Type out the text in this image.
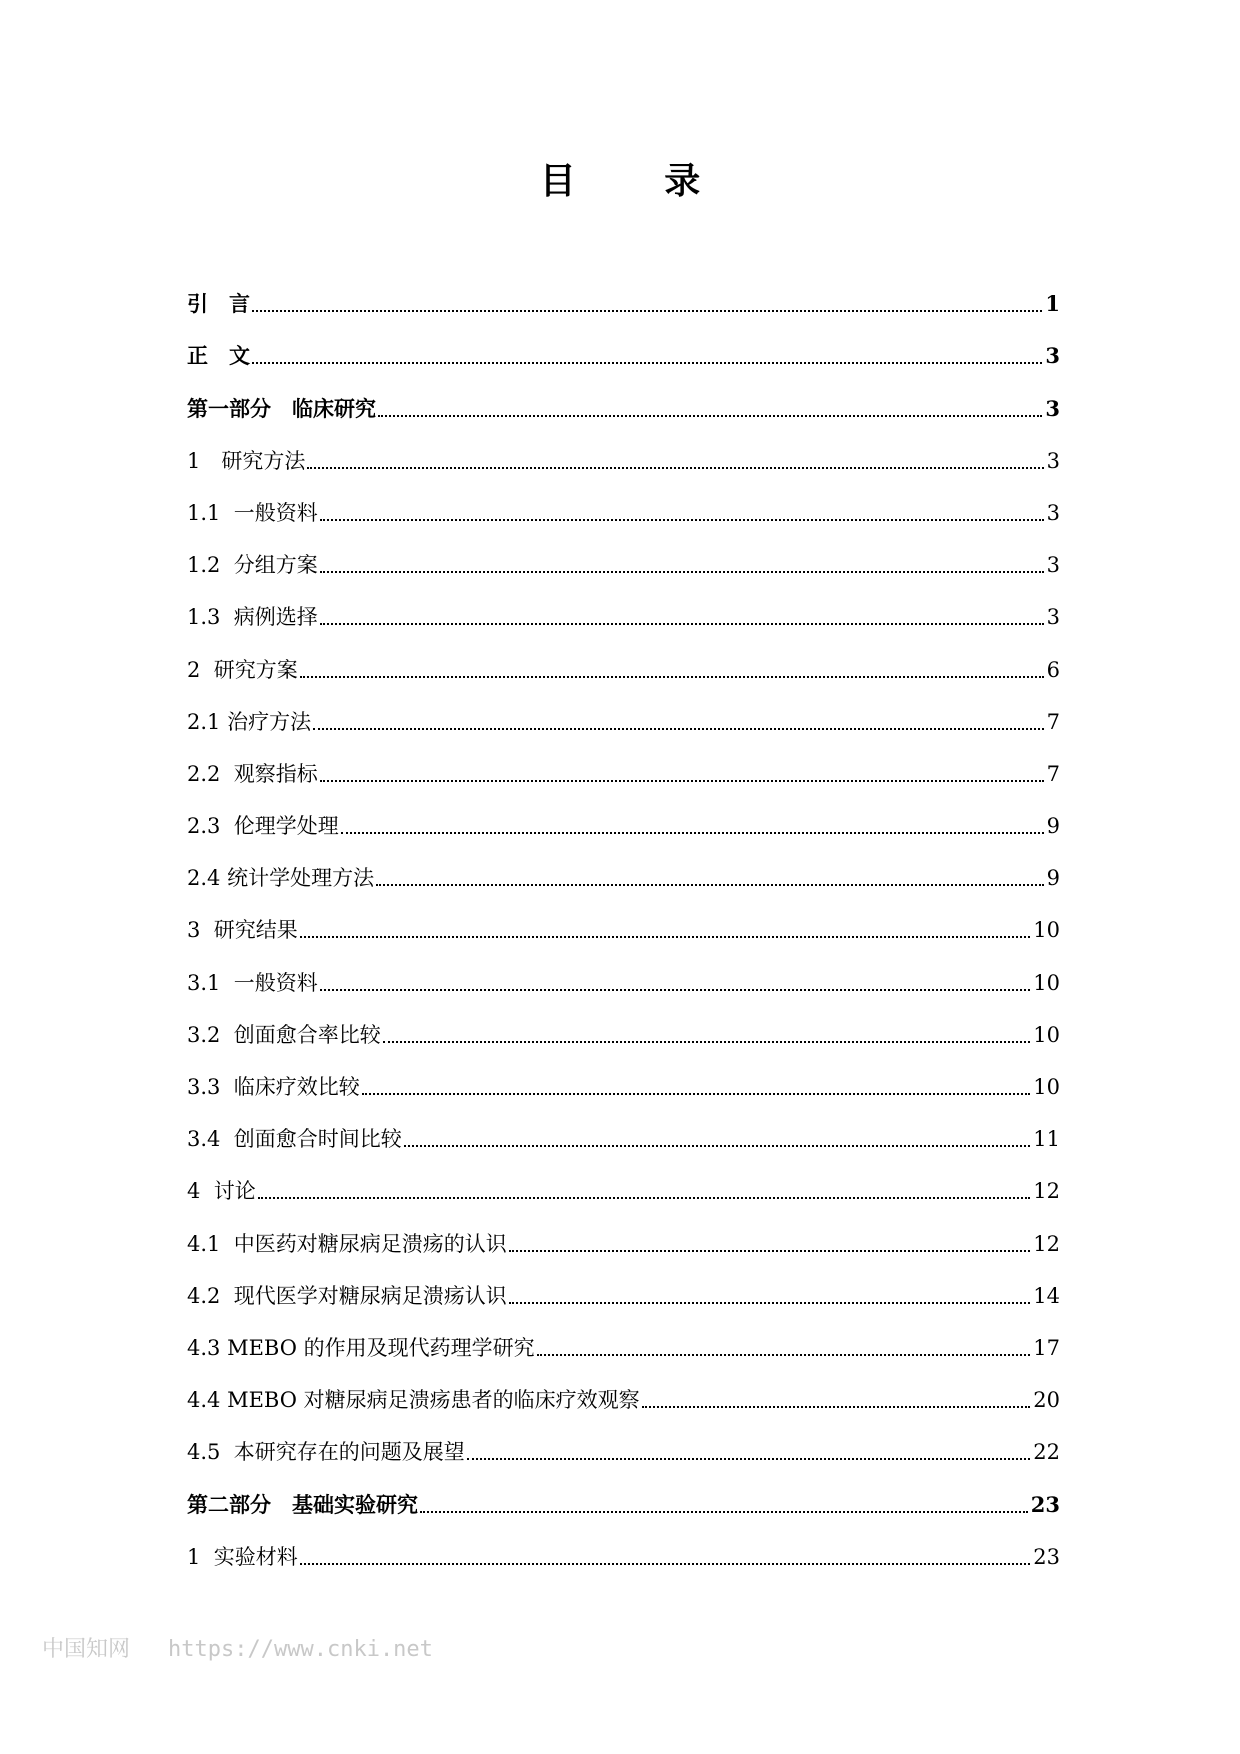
目 录
引　言	1
正　文	3
第一部分　临床研究	3
1　研究方法	3
1.1  一般资料	3
1.2  分组方案	3
1.3  病例选择	3
2  研究方案	6
2.1 治疗方法	7
2.2  观察指标	7
2.3  伦理学处理	9
2.4 统计学处理方法	9
3  研究结果	10
3.1  一般资料	10
3.2  创面愈合率比较	10
3.3  临床疗效比较	10
3.4  创面愈合时间比较	11
4  讨论	12
4.1  中医药对糖尿病足溃疡的认识	12
4.2  现代医学对糖尿病足溃疡认识	14
4.3 MEBO 的作用及现代药理学研究	17
4.4 MEBO 对糖尿病足溃疡患者的临床疗效观察	20
4.5  本研究存在的问题及展望	22
第二部分　基础实验研究	23
1  实验材料	23
中国知网 https://www.cnki.net
